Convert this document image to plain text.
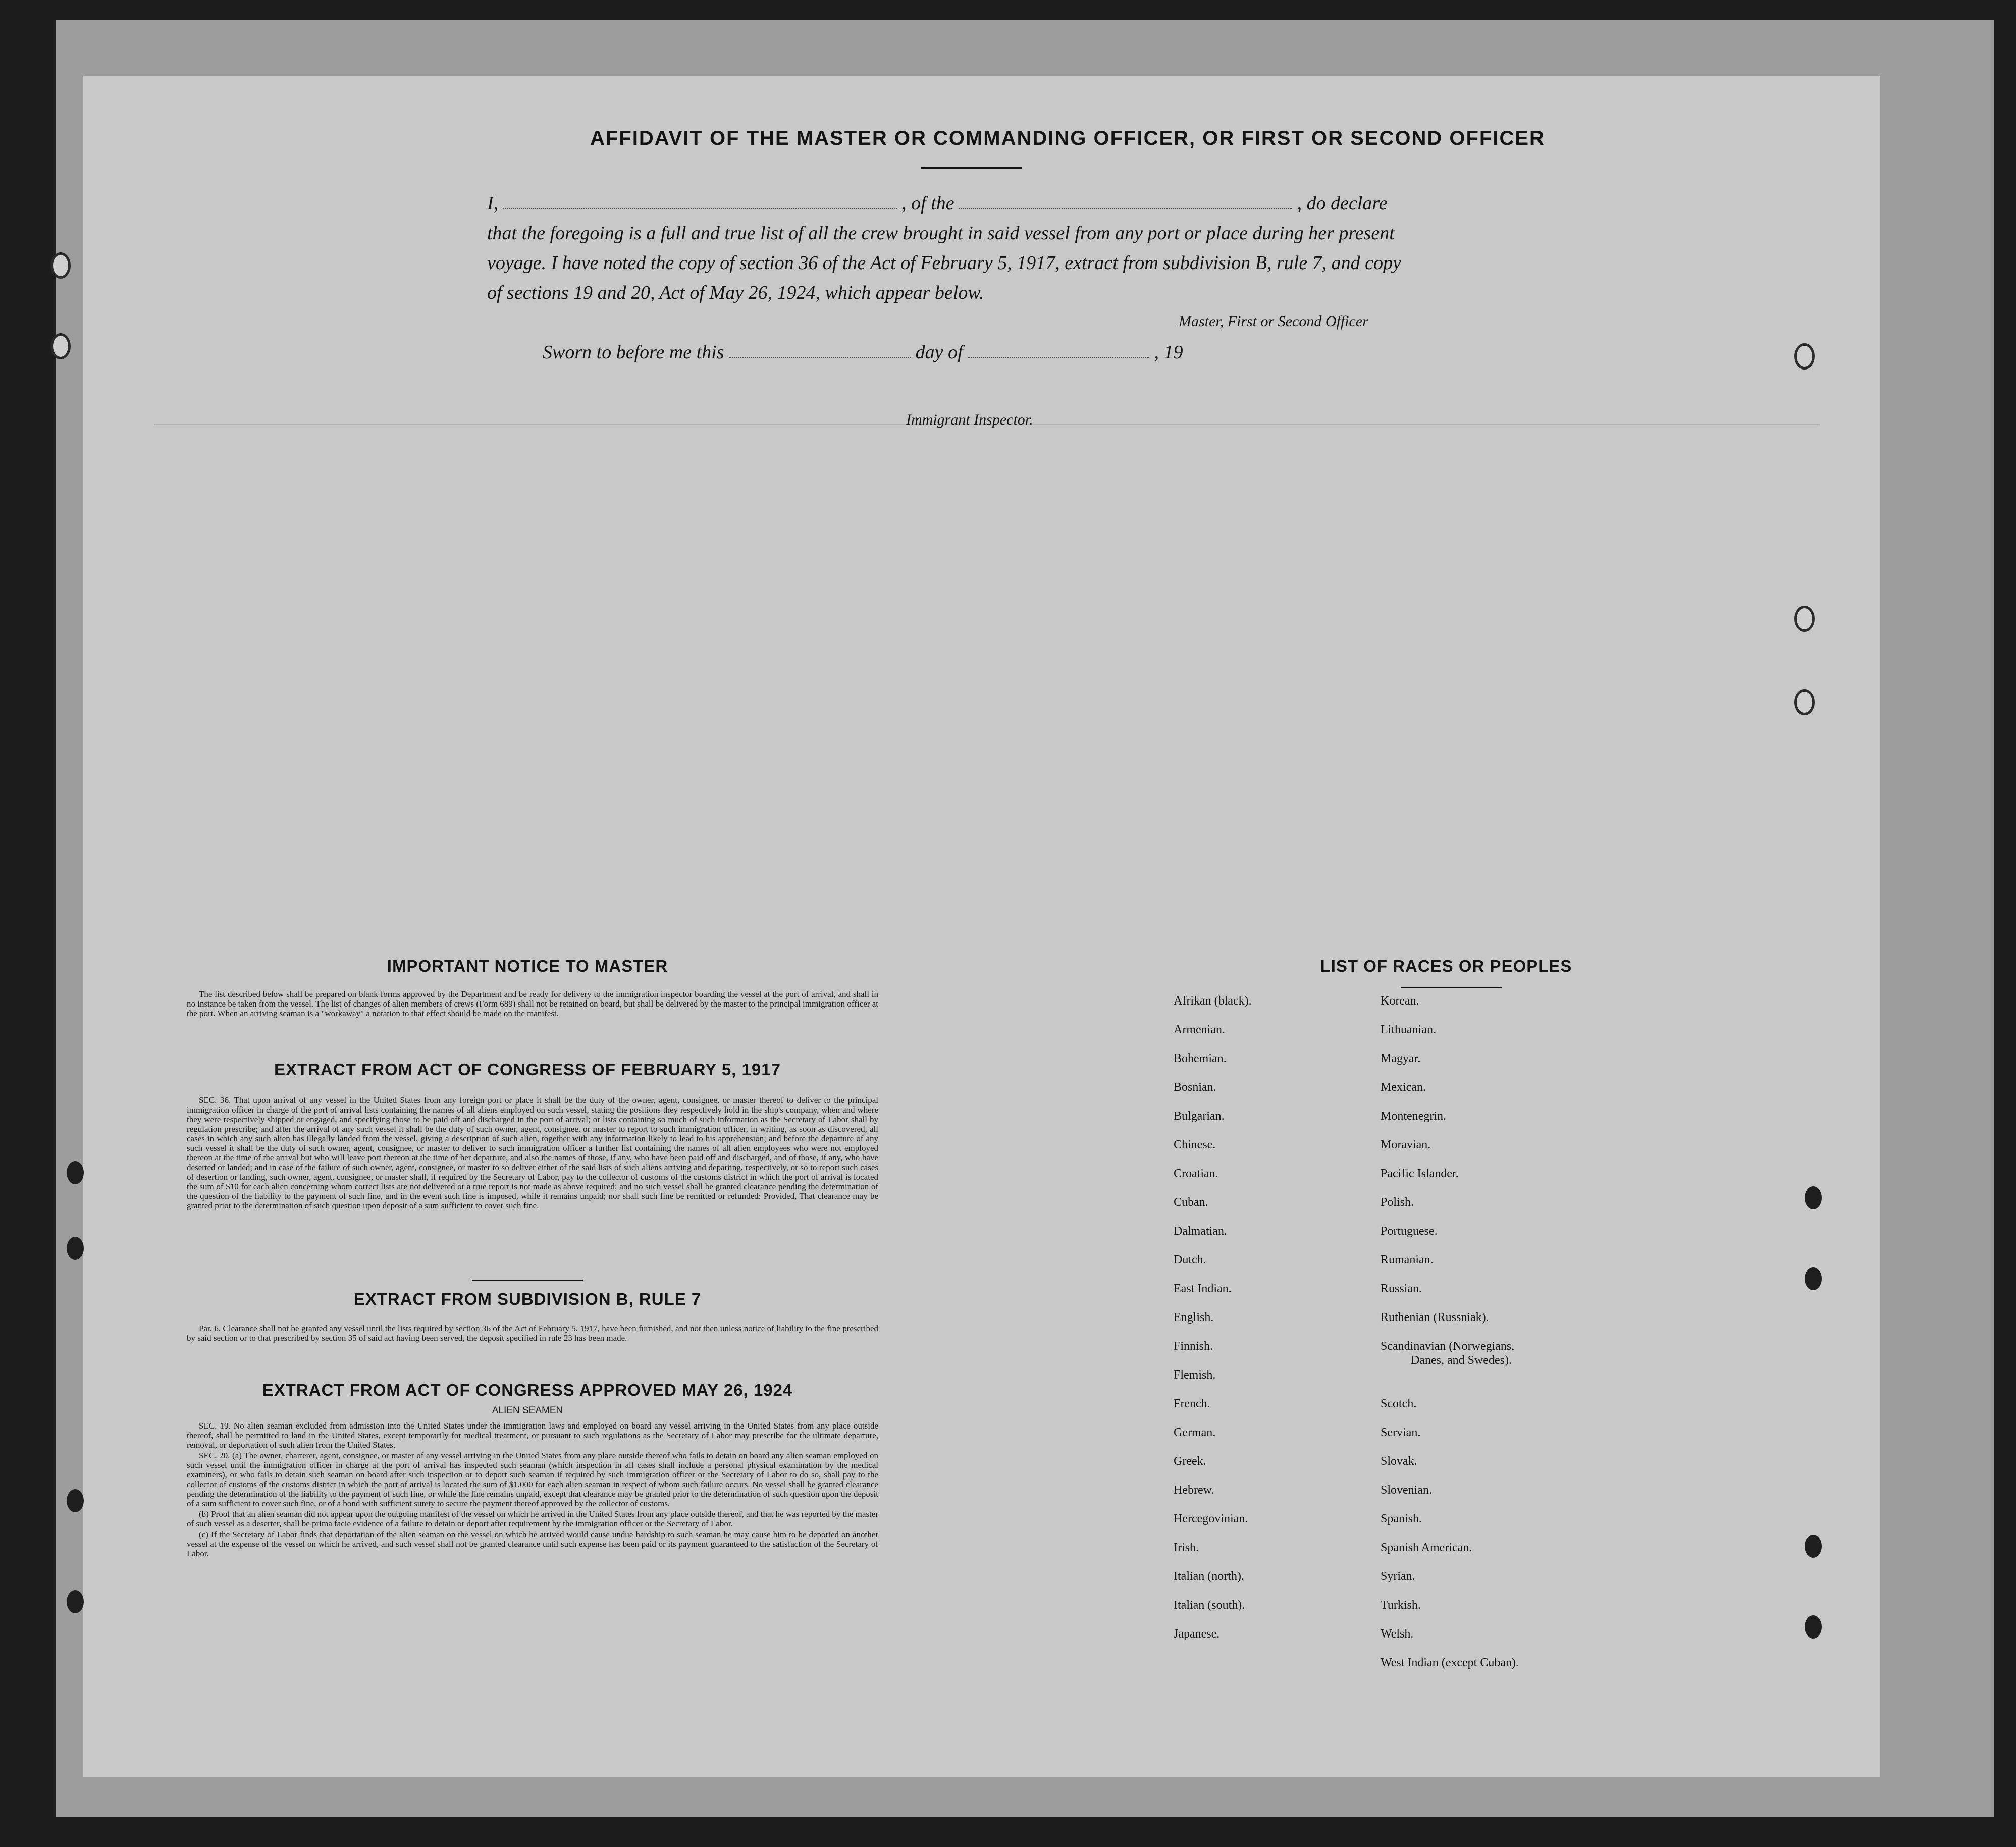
AFFIDAVIT OF THE MASTER OR COMMANDING OFFICER, OR FIRST OR SECOND OFFICER
I,	, of the	, do declare
that the foregoing is a full and true list of all the crew brought in said vessel from any port or place during her present
voyage. I have noted the copy of section 36 of the Act of February 5, 1917, extract from subdivision B, rule 7, and copy
of sections 19 and 20, Act of May 26, 1924, which appear below.
Master, First or Second Officer
Sworn to before me this	day of	, 19
Immigrant Inspector.
IMPORTANT NOTICE TO MASTER

The list described below shall be prepared on blank forms approved by the Department and be ready for delivery to the immigration inspector boarding the vessel at the port of arrival, and shall in no instance be taken from the vessel. The list of changes of alien members of crews (Form 689) shall not be retained on board, but shall be delivered by the master to the principal immigration officer at the port. When an arriving seaman is a "workaway" a notation to that effect should be made on the manifest.

EXTRACT FROM ACT OF CONGRESS OF FEBRUARY 5, 1917

SEC. 36. That upon arrival of any vessel in the United States from any foreign port or place it shall be the duty of the owner, agent, consignee, or master thereof to deliver to the principal immigration officer in charge of the port of arrival lists containing the names of all aliens employed on such vessel, stating the positions they respectively hold in the ship's company, when and where they were respectively shipped or engaged, and specifying those to be paid off and discharged in the port of arrival; or lists containing so much of such information as the Secretary of Labor shall by regulation prescribe; and after the arrival of any such vessel it shall be the duty of such owner, agent, consignee, or master to report to such immigration officer, in writing, as soon as discovered, all cases in which any such alien has illegally landed from the vessel, giving a description of such alien, together with any information likely to lead to his apprehension; and before the departure of any such vessel it shall be the duty of such owner, agent, consignee, or master to deliver to such immigration officer a further list containing the names of all alien employees who were not employed thereon at the time of the arrival but who will leave port thereon at the time of her departure, and also the names of those, if any, who have been paid off and discharged, and of those, if any, who have deserted or landed; and in case of the failure of such owner, agent, consignee, or master to so deliver either of the said lists of such aliens arriving and departing, respectively, or so to report such cases of desertion or landing, such owner, agent, consignee, or master shall, if required by the Secretary of Labor, pay to the collector of customs of the customs district in which the port of arrival is located the sum of $10 for each alien concerning whom correct lists are not delivered or a true report is not made as above required; and no such vessel shall be granted clearance pending the determination of the question of the liability to the payment of such fine, and in the event such fine is imposed, while it remains unpaid; nor shall such fine be remitted or refunded: Provided, That clearance may be granted prior to the determination of such question upon deposit of a sum sufficient to cover such fine.

EXTRACT FROM SUBDIVISION B, RULE 7

Par. 6. Clearance shall not be granted any vessel until the lists required by section 36 of the Act of February 5, 1917, have been furnished, and not then unless notice of liability to the fine prescribed by said section or to that prescribed by section 35 of said act having been served, the deposit specified in rule 23 has been made.

EXTRACT FROM ACT OF CONGRESS APPROVED MAY 26, 1924
ALIEN SEAMEN

SEC. 19. No alien seaman excluded from admission into the United States under the immigration laws and employed on board any vessel arriving in the United States from any place outside thereof, shall be permitted to land in the United States, except temporarily for medical treatment, or pursuant to such regulations as the Secretary of Labor may prescribe for the ultimate departure, removal, or deportation of such alien from the United States.

SEC. 20. (a) The owner, charterer, agent, consignee, or master of any vessel arriving in the United States from any place outside thereof who fails to detain on board any alien seaman employed on such vessel until the immigration officer in charge at the port of arrival has inspected such seaman (which inspection in all cases shall include a personal physical examination by the medical examiners), or who fails to detain such seaman on board after such inspection or to deport such seaman if required by such immigration officer or the Secretary of Labor to do so, shall pay to the collector of customs of the customs district in which the port of arrival is located the sum of $1,000 for each alien seaman in respect of whom such failure occurs. No vessel shall be granted clearance pending the determination of the liability to the payment of such fine, or while the fine remains unpaid, except that clearance may be granted prior to the determination of such question upon the deposit of a sum sufficient to cover such fine, or of a bond with sufficient surety to secure the payment thereof approved by the collector of customs.

(b) Proof that an alien seaman did not appear upon the outgoing manifest of the vessel on which he arrived in the United States from any place outside thereof, and that he was reported by the master of such vessel as a deserter, shall be prima facie evidence of a failure to detain or deport after requirement by the immigration officer or the Secretary of Labor.

(c) If the Secretary of Labor finds that deportation of the alien seaman on the vessel on which he arrived would cause undue hardship to such seaman he may cause him to be deported on another vessel at the expense of the vessel on which he arrived, and such vessel shall not be granted clearance until such expense has been paid or its payment guaranteed to the satisfaction of the Secretary of Labor.

LIST OF RACES OR PEOPLES
Afrikan (black).
Armenian.
Bohemian.
Bosnian.
Bulgarian.
Chinese.
Croatian.
Cuban.
Dalmatian.
Dutch.
East Indian.
English.
Finnish.
Flemish.
French.
German.
Greek.
Hebrew.
Hercegovinian.
Irish.
Italian (north).
Italian (south).
Japanese.
Korean.
Lithuanian.
Magyar.
Mexican.
Montenegrin.
Moravian.
Pacific Islander.
Polish.
Portuguese.
Rumanian.
Russian.
Ruthenian (Russniak).
Scandinavian (Norwegians,
Danes, and Swedes).
Scotch.
Servian.
Slovak.
Slovenian.
Spanish.
Spanish American.
Syrian.
Turkish.
Welsh.
West Indian (except Cuban).
